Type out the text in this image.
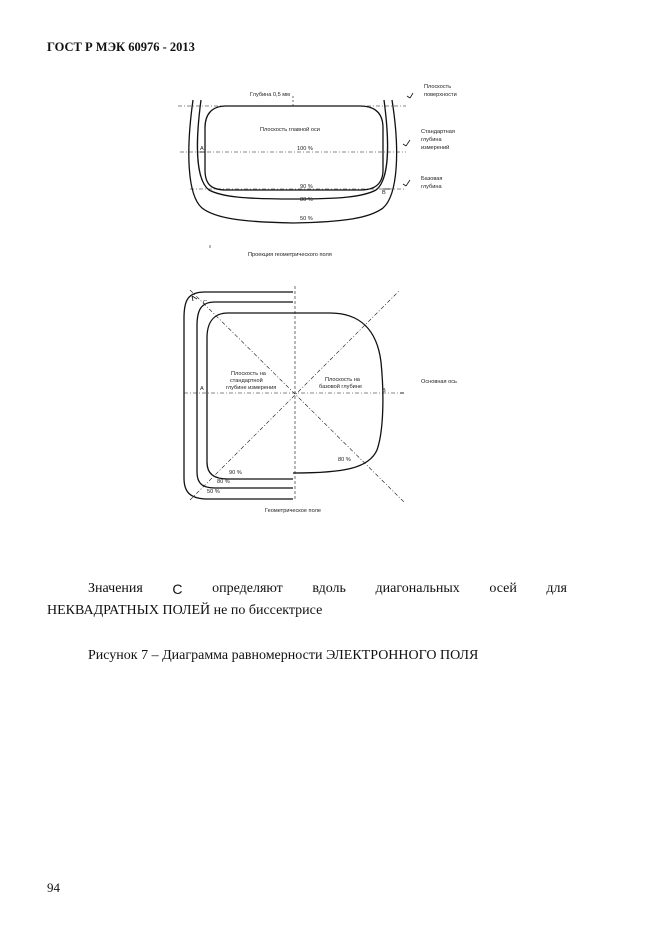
ГОСТ Р МЭК 60976 - 2013
Глубина 0,5 мм
Плоскость главной оси
100 %
90 %
80 %
50 %
A
B
Плоскость
поверхности
Стандартная
глубина
измерений
Базовая
глубина
Проекция геометрического поля
C
A	B
Плоскость на
стандартной
глубине измерения
Плоскость на
базовой глубине
Основная ось
80 %
90 %
80 %
50 %
Геометрическое поле
Значения С определяют вдоль диагональных осей для
НЕКВАДРАТНЫХ ПОЛЕЙ не по биссектрисе
Рисунок 7 – Диаграмма равномерности ЭЛЕКТРОННОГО ПОЛЯ
94
